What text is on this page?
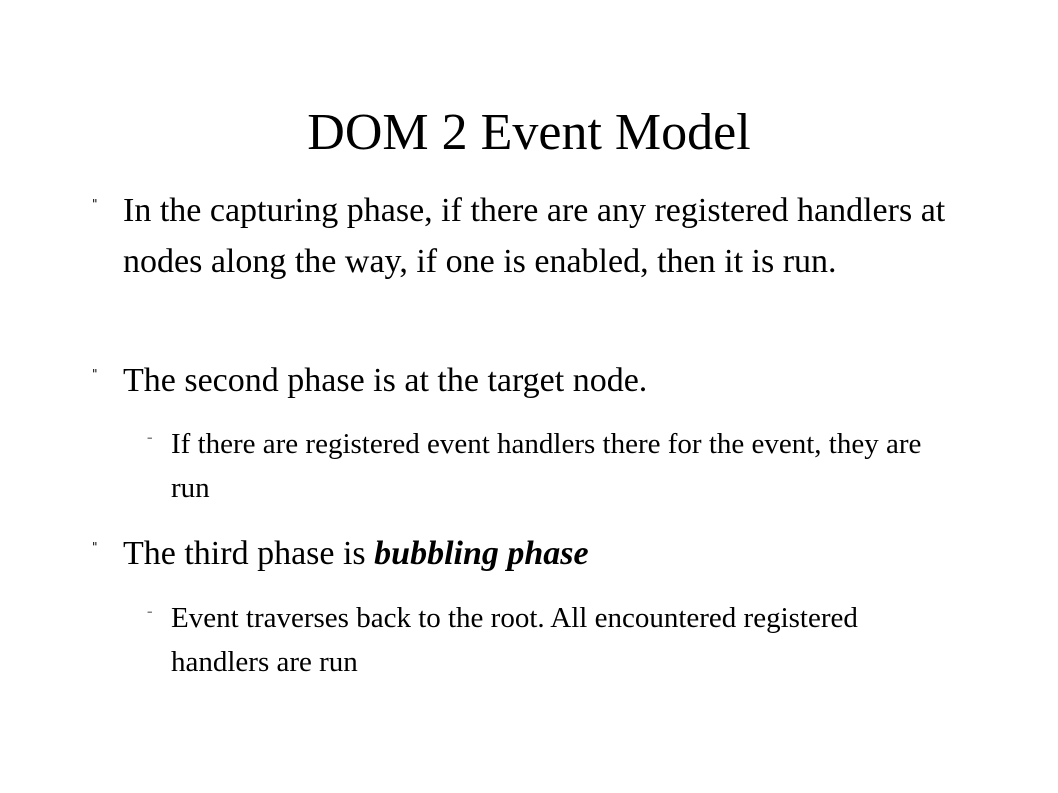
DOM 2 Event Model
" In the capturing phase, if there are any registered handlers at nodes along the way, if one is enabled, then it is run.
" The second phase is at the target node.
– If there are registered event handlers there for the event, they are run
" The third phase is bubbling phase
– Event traverses back to the root. All encountered registered handlers are run
